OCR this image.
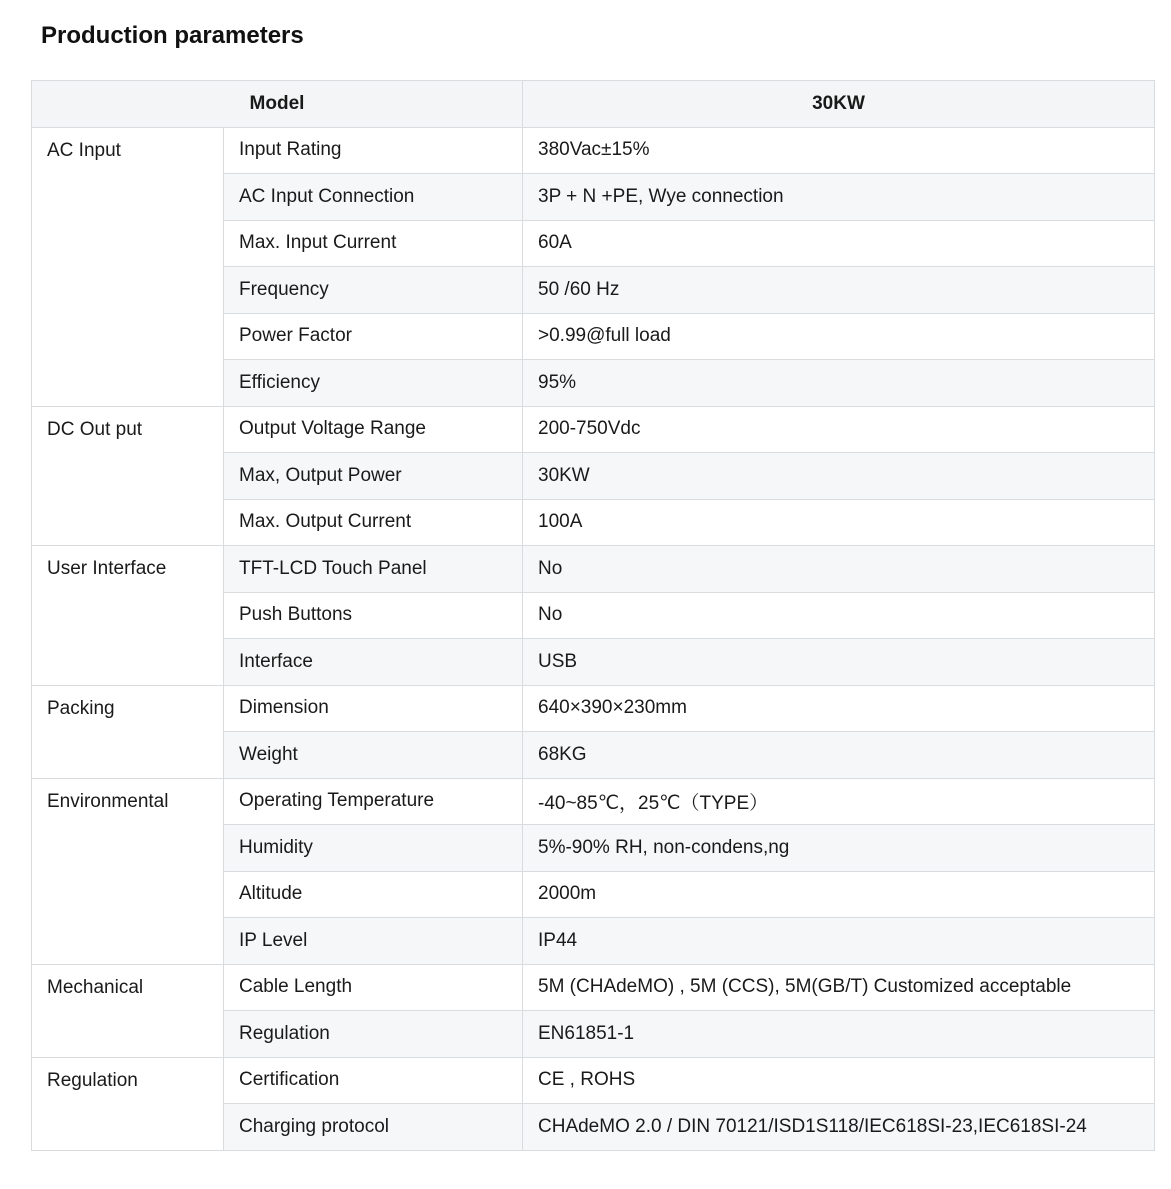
Production parameters
Model		30KW
AC Input	Input Rating	380Vac±15%
	AC Input Connection	3P + N +PE, Wye connection
	Max. Input Current	60A
	Frequency	50 /60 Hz
	Power Factor	>0.99@full load
	Efficiency	95%
DC Out put	Output Voltage Range	200-750Vdc
	Max, Output Power	30KW
	Max. Output Current	100A
User Interface	TFT-LCD Touch Panel	No
	Push Buttons	No
	Interface	USB
Packing	Dimension	640×390×230mm
	Weight	68KG
Environmental	Operating Temperature	-40~85℃，25℃（TYPE）
	Humidity	5%-90% RH, non-condens,ng
	Altitude	2000m
	IP Level	IP44
Mechanical	Cable Length	5M (CHAdeMO) , 5M (CCS), 5M(GB/T) Customized acceptable
	Regulation	EN61851-1
Regulation	Certification	CE , ROHS
	Charging protocol	CHAdeMO 2.0 / DIN 70121/ISD1S118/IEC618SI-23,IEC618SI-24
